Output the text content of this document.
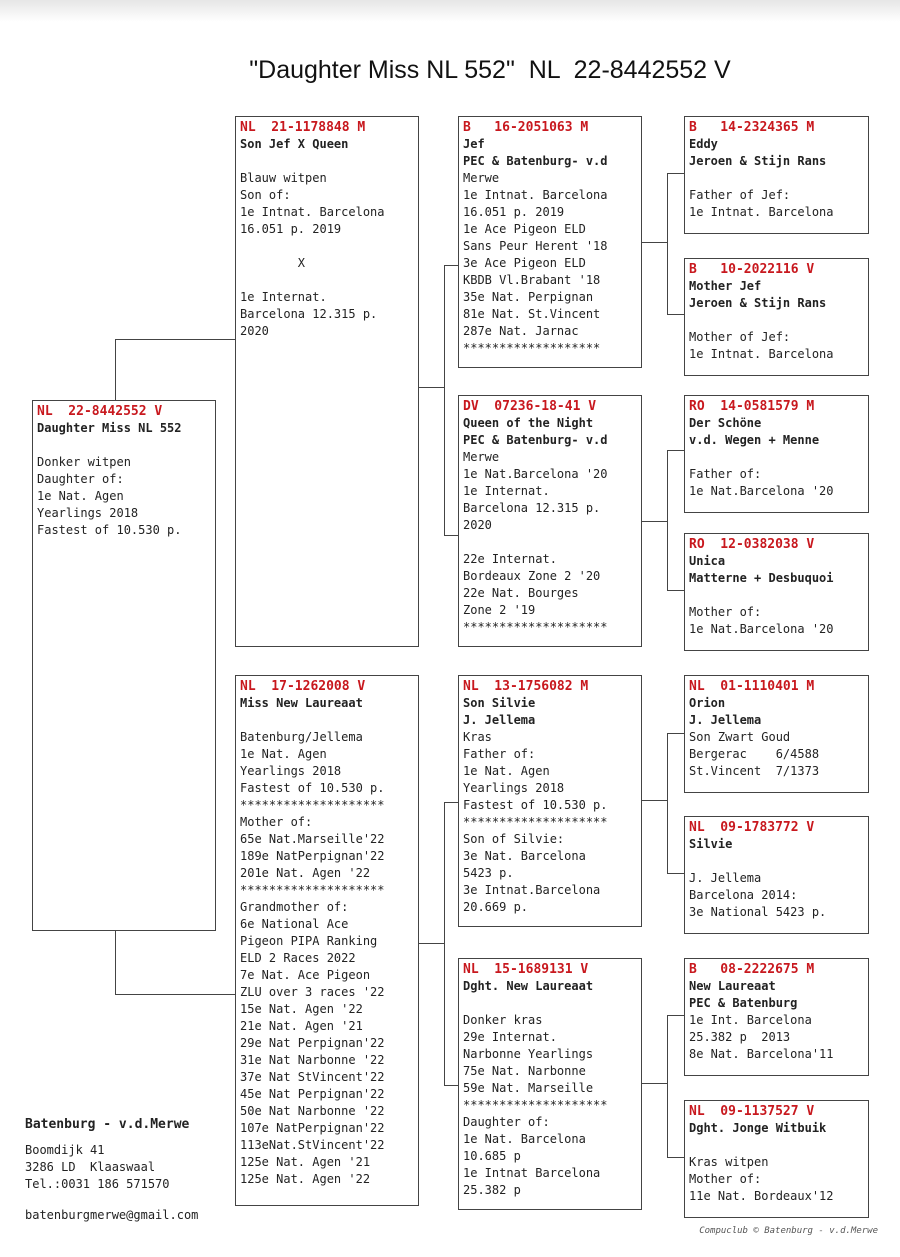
"Daughter Miss NL 552"  NL  22-8442552 V
NL  22-8442552 V
Daughter Miss NL 552
Donker witpen
Daughter of:
1e Nat. Agen
Yearlings 2018
Fastest of 10.530 p.
NL  21-1178848 M
Son Jef X Queen
Blauw witpen
Son of:
1e Intnat. Barcelona
16.051 p. 2019
X
1e Internat.
Barcelona 12.315 p.
2020
NL  17-1262008 V
Miss New Laureaat
Batenburg/Jellema
1e Nat. Agen
Yearlings 2018
Fastest of 10.530 p.
********************
Mother of:
65e Nat.Marseille'22
189e NatPerpignan'22
201e Nat. Agen '22
********************
Grandmother of:
6e National Ace
Pigeon PIPA Ranking
ELD 2 Races 2022
7e Nat. Ace Pigeon
ZLU over 3 races '22
15e Nat. Agen '22
21e Nat. Agen '21
29e Nat Perpignan'22
31e Nat Narbonne '22
37e Nat StVincent'22
45e Nat Perpignan'22
50e Nat Narbonne '22
107e NatPerpignan'22
113eNat.StVincent'22
125e Nat. Agen '21
125e Nat. Agen '22
B   16-2051063 M
Jef
PEC & Batenburg- v.d
Merwe
1e Intnat. Barcelona
16.051 p. 2019
1e Ace Pigeon ELD
Sans Peur Herent '18
3e Ace Pigeon ELD
KBDB Vl.Brabant '18
35e Nat. Perpignan
81e Nat. St.Vincent
287e Nat. Jarnac
*******************
DV  07236-18-41 V
Queen of the Night
PEC & Batenburg- v.d
Merwe
1e Nat.Barcelona '20
1e Internat.
Barcelona 12.315 p.
2020
22e Internat.
Bordeaux Zone 2 '20
22e Nat. Bourges
Zone 2 '19
********************
NL  13-1756082 M
Son Silvie
J. Jellema
Kras
Father of:
1e Nat. Agen
Yearlings 2018
Fastest of 10.530 p.
********************
Son of Silvie:
3e Nat. Barcelona
5423 p.
3e Intnat.Barcelona
20.669 p.
NL  15-1689131 V
Dght. New Laureaat
Donker kras
29e Internat.
Narbonne Yearlings
75e Nat. Narbonne
59e Nat. Marseille
********************
Daughter of:
1e Nat. Barcelona
10.685 p
1e Intnat Barcelona
25.382 p
B   14-2324365 M
Eddy
Jeroen & Stijn Rans
Father of Jef:
1e Intnat. Barcelona
B   10-2022116 V
Mother Jef
Jeroen & Stijn Rans
Mother of Jef:
1e Intnat. Barcelona
RO  14-0581579 M
Der Schöne
v.d. Wegen + Menne
Father of:
1e Nat.Barcelona '20
RO  12-0382038 V
Unica
Matterne + Desbuquoi
Mother of:
1e Nat.Barcelona '20
NL  01-1110401 M
Orion
J. Jellema
Son Zwart Goud
Bergerac    6/4588
St.Vincent  7/1373
NL  09-1783772 V
Silvie
J. Jellema
Barcelona 2014:
3e National 5423 p.
B   08-2222675 M
New Laureaat
PEC & Batenburg
1e Int. Barcelona
25.382 p  2013
8e Nat. Barcelona'11
NL  09-1137527 V
Dght. Jonge Witbuik
Kras witpen
Mother of:
11e Nat. Bordeaux'12
Batenburg - v.d.Merwe
Boomdijk 41
3286 LD  Klaaswaal
Tel.:0031 186 571570
batenburgmerwe@gmail.com
Compuclub © Batenburg - v.d.Merwe
